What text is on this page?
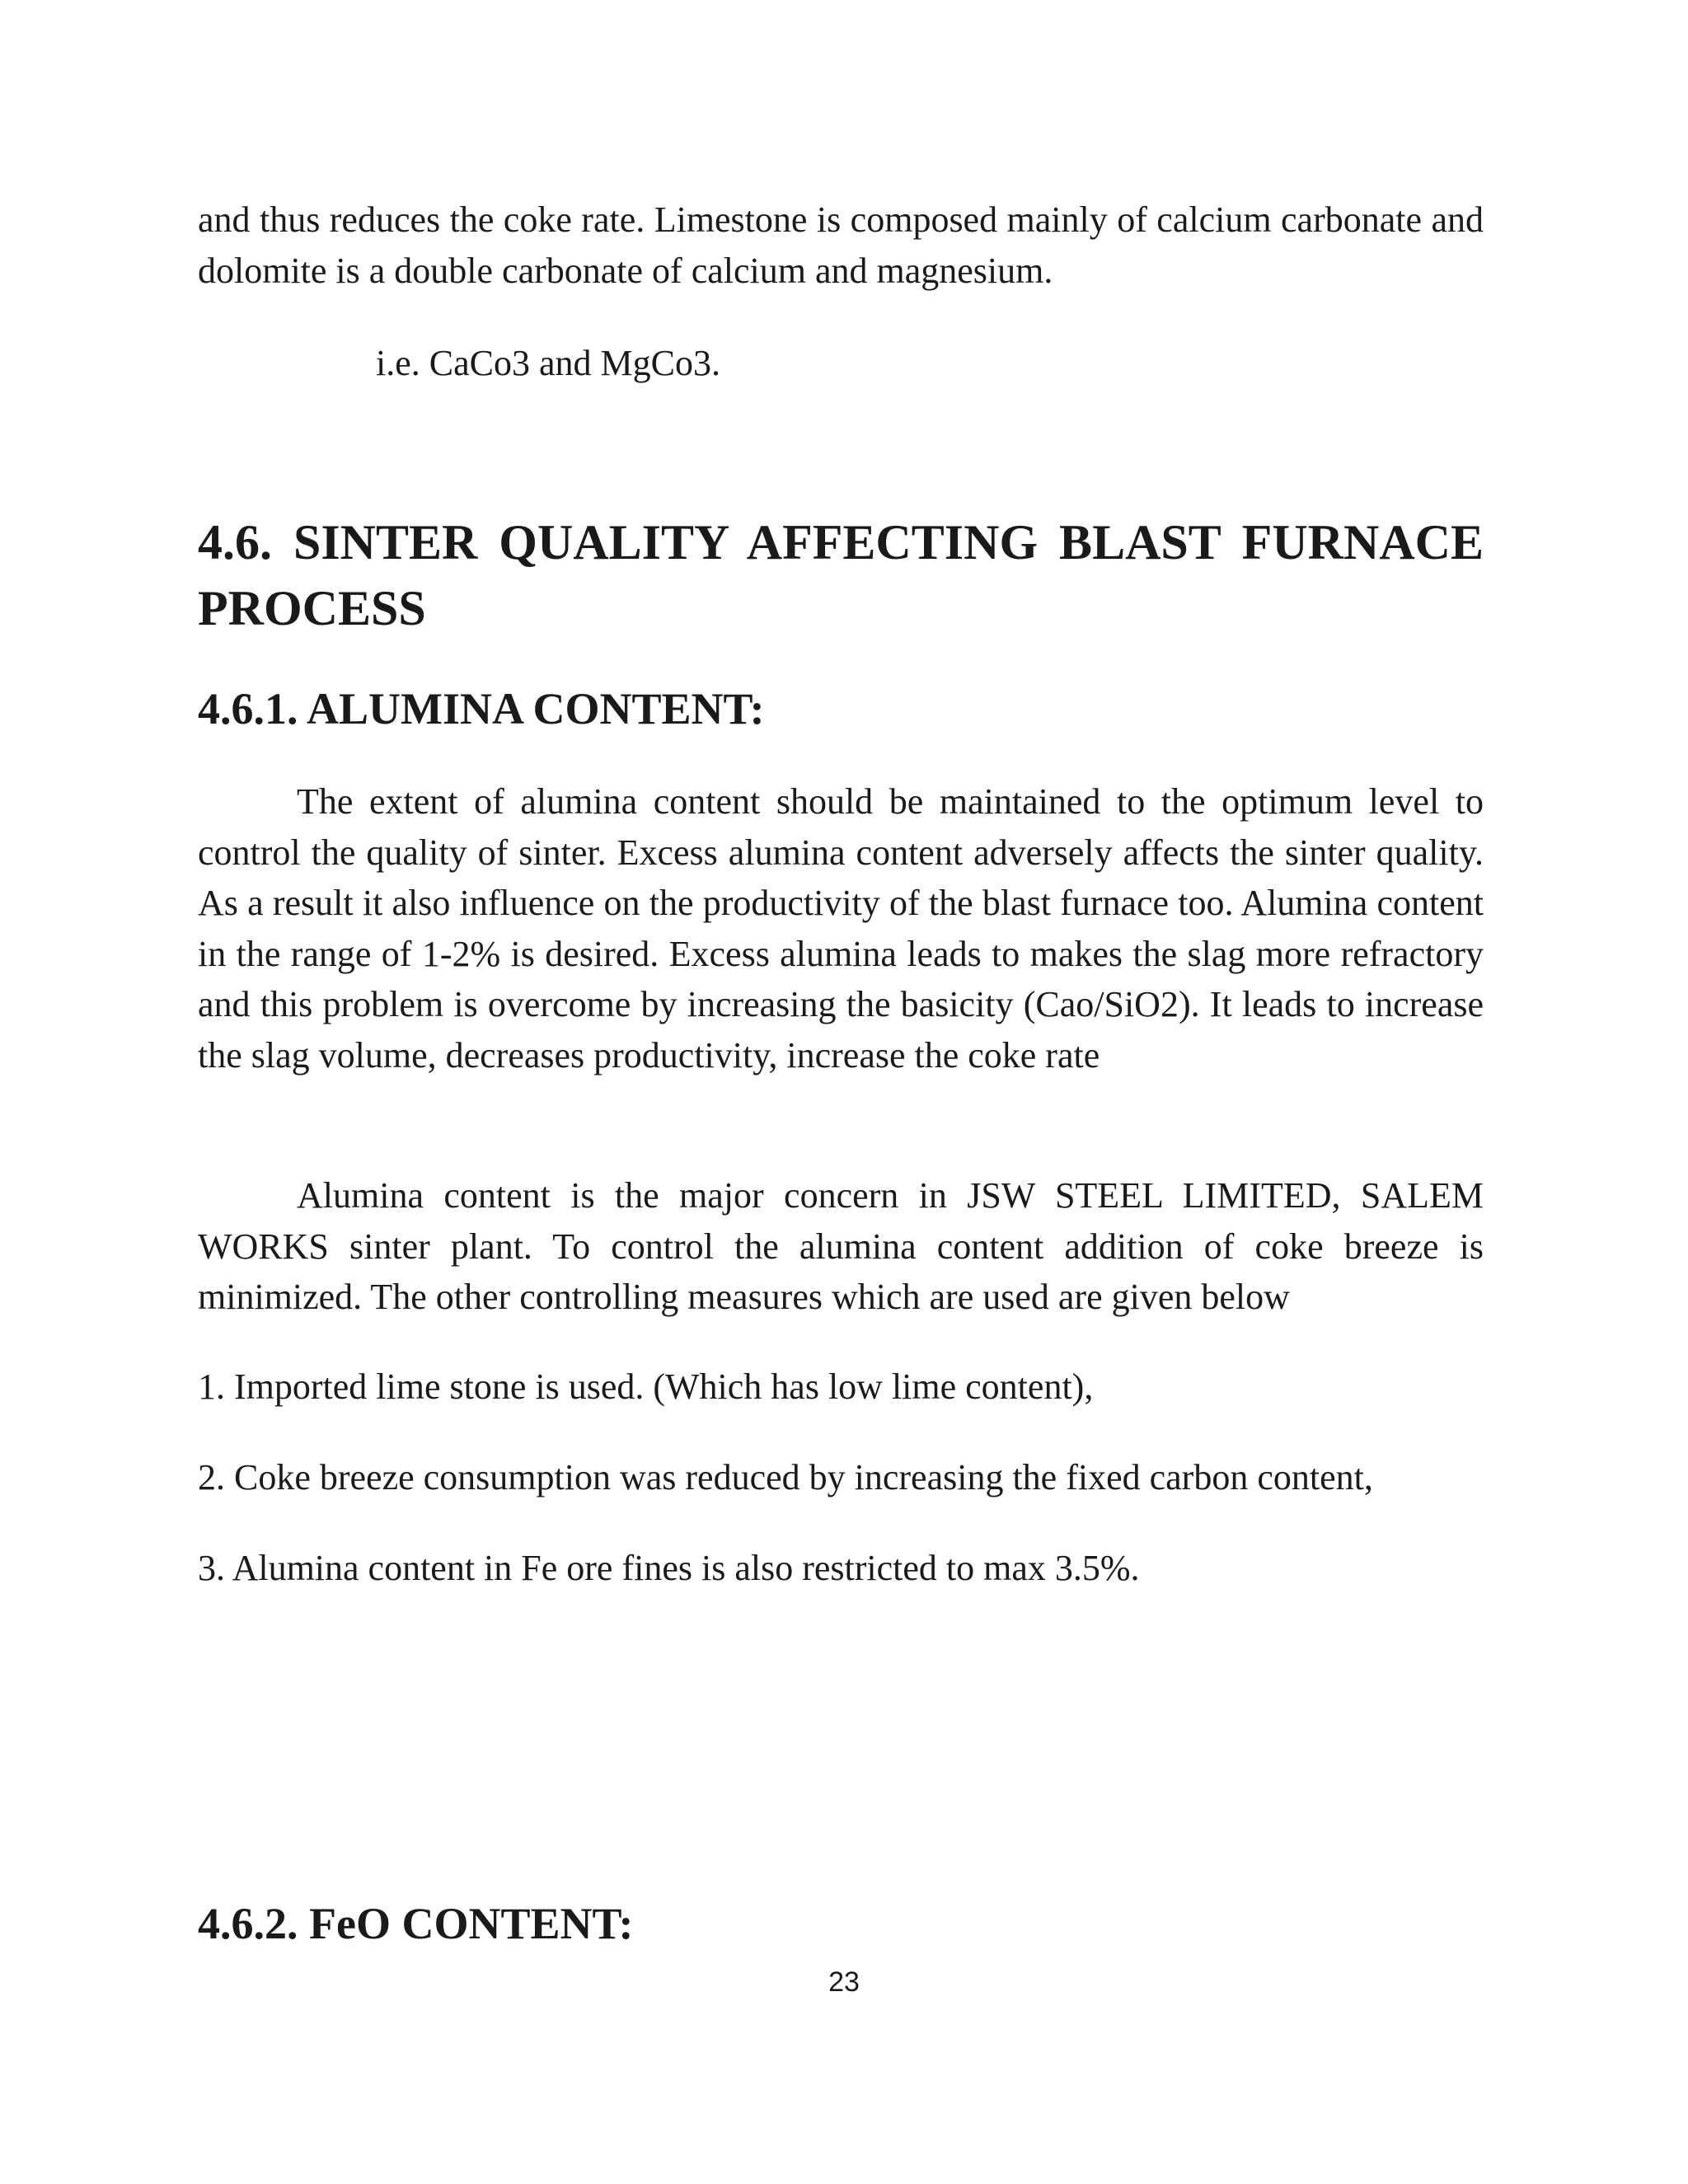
and thus reduces the coke rate. Limestone is composed mainly of calcium carbonate and dolomite is a double carbonate of calcium and magnesium.

i.e. CaCo3 and MgCo3.

4.6. SINTER QUALITY AFFECTING BLAST FURNACE PROCESS
4.6.1. ALUMINA CONTENT:

The extent of alumina content should be maintained to the optimum level to control the quality of sinter. Excess alumina content adversely affects the sinter quality. As a result it also influence on the productivity of the blast furnace too. Alumina content in the range of 1-2% is desired. Excess alumina leads to makes the slag more refractory and this problem is overcome by increasing the basicity (Cao/SiO2). It leads to increase the slag volume, decreases productivity, increase the coke rate

Alumina content is the major concern in JSW STEEL LIMITED, SALEM WORKS sinter plant. To control the alumina content addition of coke breeze is minimized. The other controlling measures which are used are given below

1. Imported lime stone is used. (Which has low lime content),

2. Coke breeze consumption was reduced by increasing the fixed carbon content,

3. Alumina content in Fe ore fines is also restricted to max 3.5%.

4.6.2. FeO CONTENT:

23
